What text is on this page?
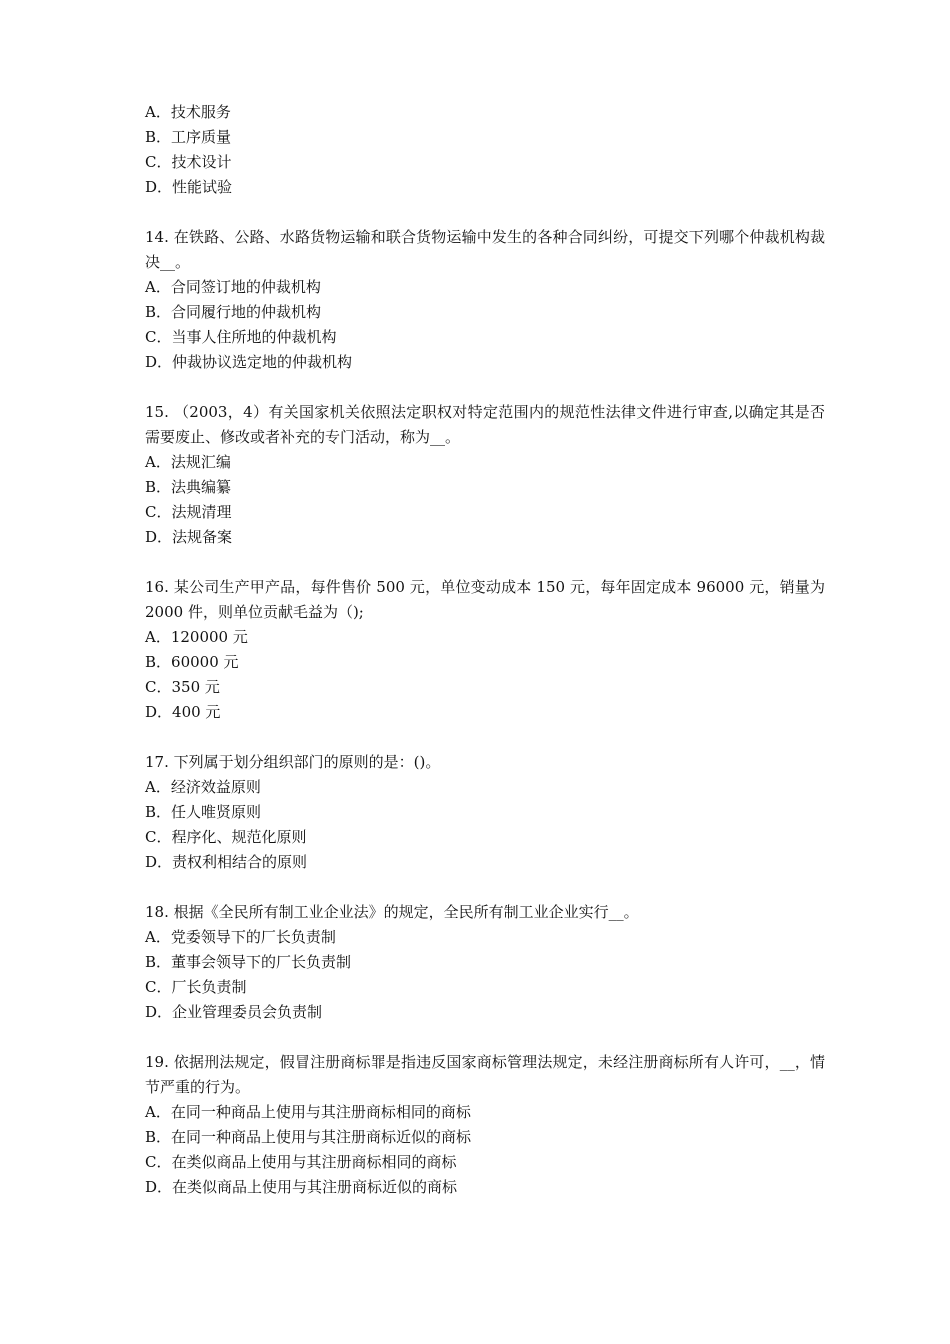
A．技术服务

B．工序质量

C．技术设计

D．性能试验

14. 在铁路、公路、水路货物运输和联合货物运输中发生的各种合同纠纷，可提交下列哪个仲裁机构裁决__。

A．合同签订地的仲裁机构

B．合同履行地的仲裁机构

C．当事人住所地的仲裁机构

D．仲裁协议选定地的仲裁机构

15. （2003，4）有关国家机关依照法定职权对特定范围内的规范性法律文件进行审查,以确定其是否需要废止、修改或者补充的专门活动，称为__。

A．法规汇编

B．法典编纂

C．法规清理

D．法规备案

16. 某公司生产甲产品，每件售价 500 元，单位变动成本 150 元，每年固定成本 96000 元，销量为 2000 件，则单位贡献毛益为（);

A．120000 元

B．60000 元

C．350 元

D．400 元

17. 下列属于划分组织部门的原则的是：()。

A．经济效益原则

B．任人唯贤原则

C．程序化、规范化原则

D．责权利相结合的原则

18. 根据《全民所有制工业企业法》的规定，全民所有制工业企业实行__。

A．党委领导下的厂长负责制

B．董事会领导下的厂长负责制

C．厂长负责制

D．企业管理委员会负责制

19. 依据刑法规定，假冒注册商标罪是指违反国家商标管理法规定，未经注册商标所有人许可，__，情节严重的行为。

A．在同一种商品上使用与其注册商标相同的商标

B．在同一种商品上使用与其注册商标近似的商标

C．在类似商品上使用与其注册商标相同的商标

D．在类似商品上使用与其注册商标近似的商标
